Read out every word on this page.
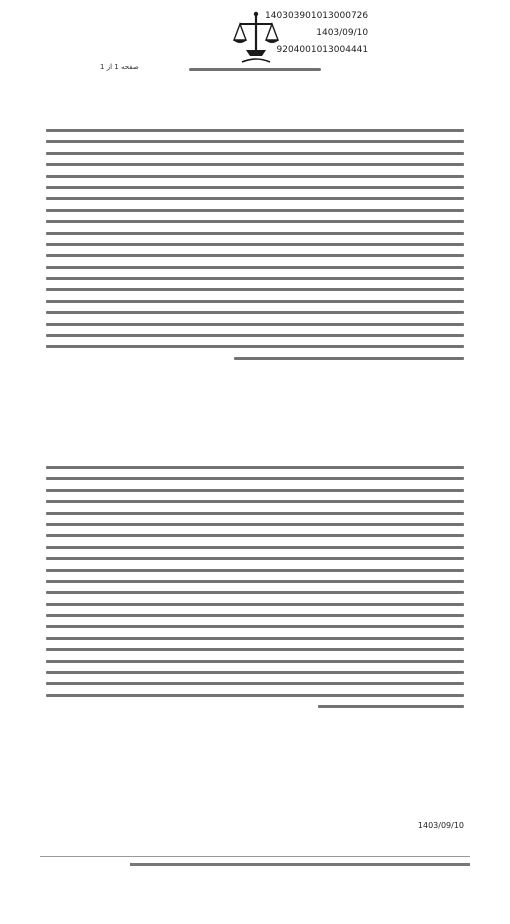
140303901013000726
1403/09/10
9204001013004441
صفحه 1 از 1
1403/09/10
